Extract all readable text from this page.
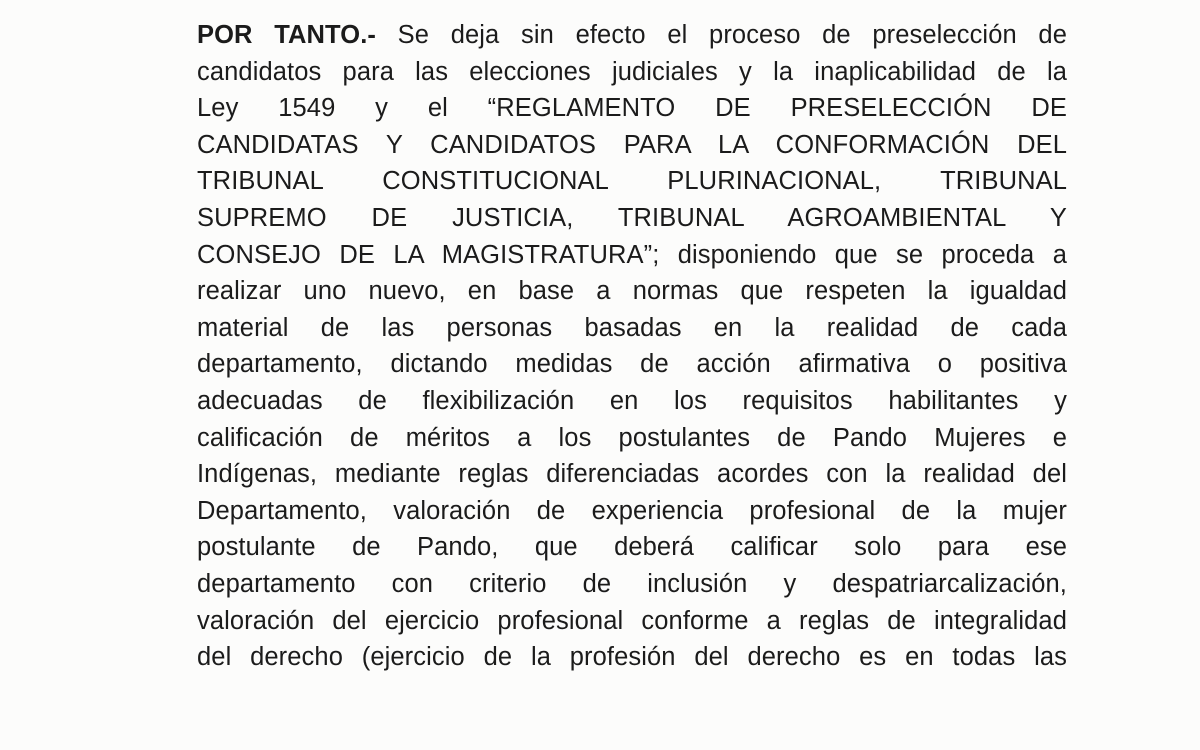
POR TANTO.- Se deja sin efecto el proceso de preselección de
candidatos para las elecciones judiciales y la inaplicabilidad de la
Ley 1549 y el “REGLAMENTO DE PRESELECCIÓN DE
CANDIDATAS Y CANDIDATOS PARA LA CONFORMACIÓN DEL
TRIBUNAL CONSTITUCIONAL PLURINACIONAL, TRIBUNAL
SUPREMO DE JUSTICIA, TRIBUNAL AGROAMBIENTAL Y
CONSEJO DE LA MAGISTRATURA”; disponiendo que se proceda a
realizar uno nuevo, en base a normas que respeten la igualdad
material de las personas basadas en la realidad de cada
departamento, dictando medidas de acción afirmativa o positiva
adecuadas de flexibilización en los requisitos habilitantes y
calificación de méritos a los postulantes de Pando Mujeres e
Indígenas, mediante reglas diferenciadas acordes con la realidad del
Departamento, valoración de experiencia profesional de la mujer
postulante de Pando, que deberá calificar solo para ese
departamento con criterio de inclusión y despatriarcalización,
valoración del ejercicio profesional conforme a reglas de integralidad
del derecho (ejercicio de la profesión del derecho es en todas las
